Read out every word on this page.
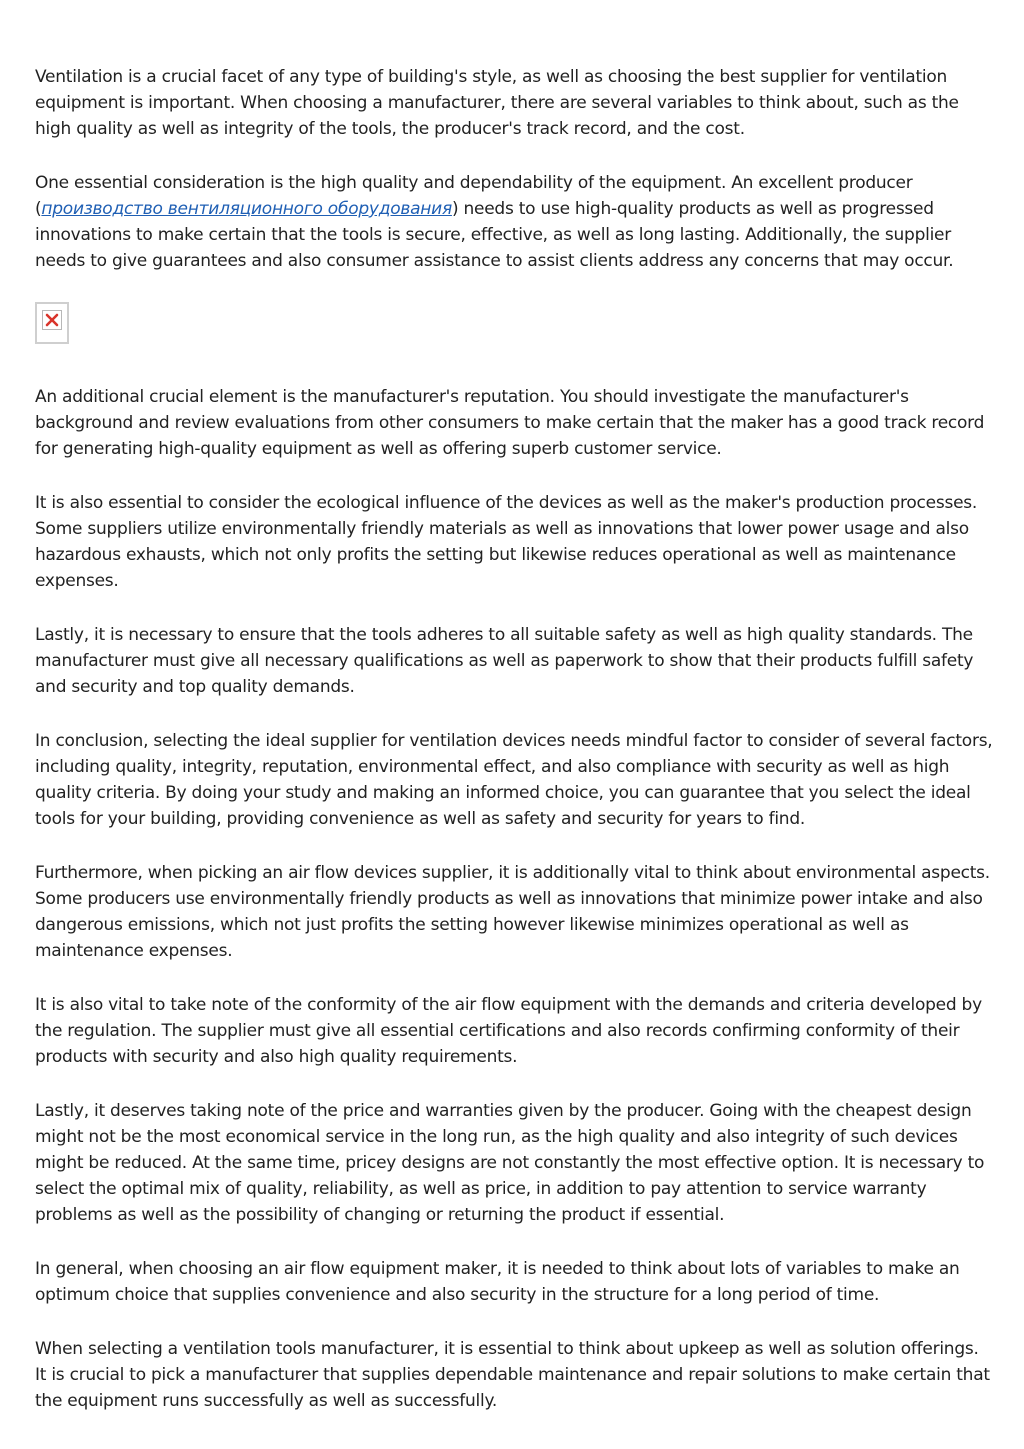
Ventilation is a crucial facet of any type of building's style, as well as choosing the best supplier for ventilation equipment is important. When choosing a manufacturer, there are several variables to think about, such as the high quality as well as integrity of the tools, the producer's track record, and the cost.

One essential consideration is the high quality and dependability of the equipment. An excellent producer (производство вентиляционного оборудования) needs to use high-quality products as well as progressed innovations to make certain that the tools is secure, effective, as well as long lasting. Additionally, the supplier needs to give guarantees and also consumer assistance to assist clients address any concerns that may occur.

An additional crucial element is the manufacturer's reputation. You should investigate the manufacturer's background and review evaluations from other consumers to make certain that the maker has a good track record for generating high-quality equipment as well as offering superb customer service.

It is also essential to consider the ecological influence of the devices as well as the maker's production processes. Some suppliers utilize environmentally friendly materials as well as innovations that lower power usage and also hazardous exhausts, which not only profits the setting but likewise reduces operational as well as maintenance expenses.

Lastly, it is necessary to ensure that the tools adheres to all suitable safety as well as high quality standards. The manufacturer must give all necessary qualifications as well as paperwork to show that their products fulfill safety and security and top quality demands.

In conclusion, selecting the ideal supplier for ventilation devices needs mindful factor to consider of several factors, including quality, integrity, reputation, environmental effect, and also compliance with security as well as high quality criteria. By doing your study and making an informed choice, you can guarantee that you select the ideal tools for your building, providing convenience as well as safety and security for years to find.

Furthermore, when picking an air flow devices supplier, it is additionally vital to think about environmental aspects. Some producers use environmentally friendly products as well as innovations that minimize power intake and also dangerous emissions, which not just profits the setting however likewise minimizes operational as well as maintenance expenses.

It is also vital to take note of the conformity of the air flow equipment with the demands and criteria developed by the regulation. The supplier must give all essential certifications and also records confirming conformity of their products with security and also high quality requirements.

Lastly, it deserves taking note of the price and warranties given by the producer. Going with the cheapest design might not be the most economical service in the long run, as the high quality and also integrity of such devices might be reduced. At the same time, pricey designs are not constantly the most effective option. It is necessary to select the optimal mix of quality, reliability, as well as price, in addition to pay attention to service warranty problems as well as the possibility of changing or returning the product if essential.

In general, when choosing an air flow equipment maker, it is needed to think about lots of variables to make an optimum choice that supplies convenience and also security in the structure for a long period of time.

When selecting a ventilation tools manufacturer, it is essential to think about upkeep as well as solution offerings. It is crucial to pick a manufacturer that supplies dependable maintenance and repair solutions to make certain that the equipment runs successfully as well as successfully.
